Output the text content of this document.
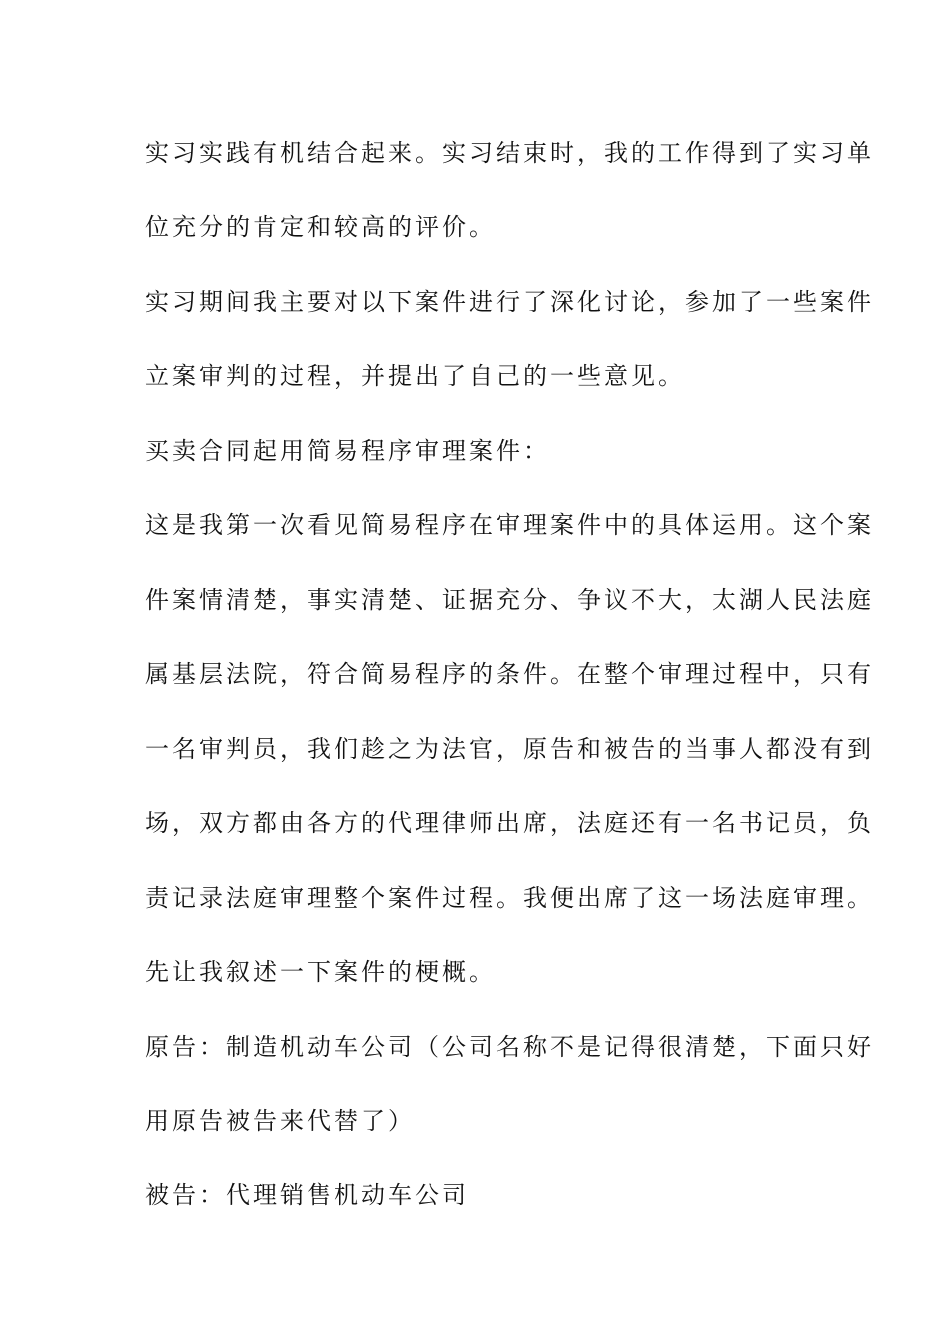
实习实践有机结合起来。实习结束时，我的工作得到了实习单

位充分的肯定和较高的评价。

实习期间我主要对以下案件进行了深化讨论，参加了一些案件

立案审判的过程，并提出了自己的一些意见。

买卖合同起用简易程序审理案件：

这是我第一次看见简易程序在审理案件中的具体运用。这个案

件案情清楚，事实清楚、证据充分、争议不大，太湖人民法庭

属基层法院，符合简易程序的条件。在整个审理过程中，只有

一名审判员，我们趁之为法官，原告和被告的当事人都没有到

场，双方都由各方的代理律师出席，法庭还有一名书记员，负

责记录法庭审理整个案件过程。我便出席了这一场法庭审理。

先让我叙述一下案件的梗概。

原告：制造机动车公司（公司名称不是记得很清楚，下面只好

用原告被告来代替了）

被告：代理销售机动车公司
